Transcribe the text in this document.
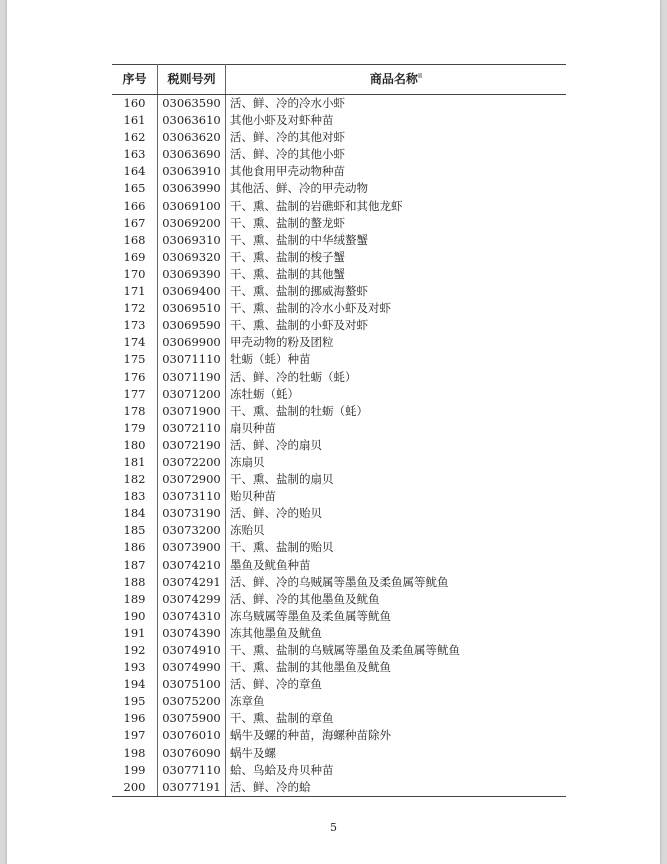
序号	税则号列	商品名称$^{II}$
160	03063590	活、鲜、冷的冷水小虾
161	03063610	其他小虾及对虾种苗
162	03063620	活、鲜、冷的其他对虾
163	03063690	活、鲜、冷的其他小虾
164	03063910	其他食用甲壳动物种苗
165	03063990	其他活、鲜、冷的甲壳动物
166	03069100	干、熏、盐制的岩礁虾和其他龙虾
167	03069200	干、熏、盐制的螯龙虾
168	03069310	干、熏、盐制的中华绒螯蟹
169	03069320	干、熏、盐制的梭子蟹
170	03069390	干、熏、盐制的其他蟹
171	03069400	干、熏、盐制的挪威海螯虾
172	03069510	干、熏、盐制的冷水小虾及对虾
173	03069590	干、熏、盐制的小虾及对虾
174	03069900	甲壳动物的粉及团粒
175	03071110	牡蛎（蚝）种苗
176	03071190	活、鲜、冷的牡蛎（蚝）
177	03071200	冻牡蛎（蚝）
178	03071900	干、熏、盐制的牡蛎（蚝）
179	03072110	扇贝种苗
180	03072190	活、鲜、冷的扇贝
181	03072200	冻扇贝
182	03072900	干、熏、盐制的扇贝
183	03073110	贻贝种苗
184	03073190	活、鲜、冷的贻贝
185	03073200	冻贻贝
186	03073900	干、熏、盐制的贻贝
187	03074210	墨鱼及鱿鱼种苗
188	03074291	活、鲜、冷的乌贼属等墨鱼及柔鱼属等鱿鱼
189	03074299	活、鲜、冷的其他墨鱼及鱿鱼
190	03074310	冻乌贼属等墨鱼及柔鱼属等鱿鱼
191	03074390	冻其他墨鱼及鱿鱼
192	03074910	干、熏、盐制的乌贼属等墨鱼及柔鱼属等鱿鱼
193	03074990	干、熏、盐制的其他墨鱼及鱿鱼
194	03075100	活、鲜、冷的章鱼
195	03075200	冻章鱼
196	03075900	干、熏、盐制的章鱼
197	03076010	蜗牛及螺的种苗，海螺种苗除外
198	03076090	蜗牛及螺
199	03077110	蛤、鸟蛤及舟贝种苗
200	03077191	活、鲜、冷的蛤
5
